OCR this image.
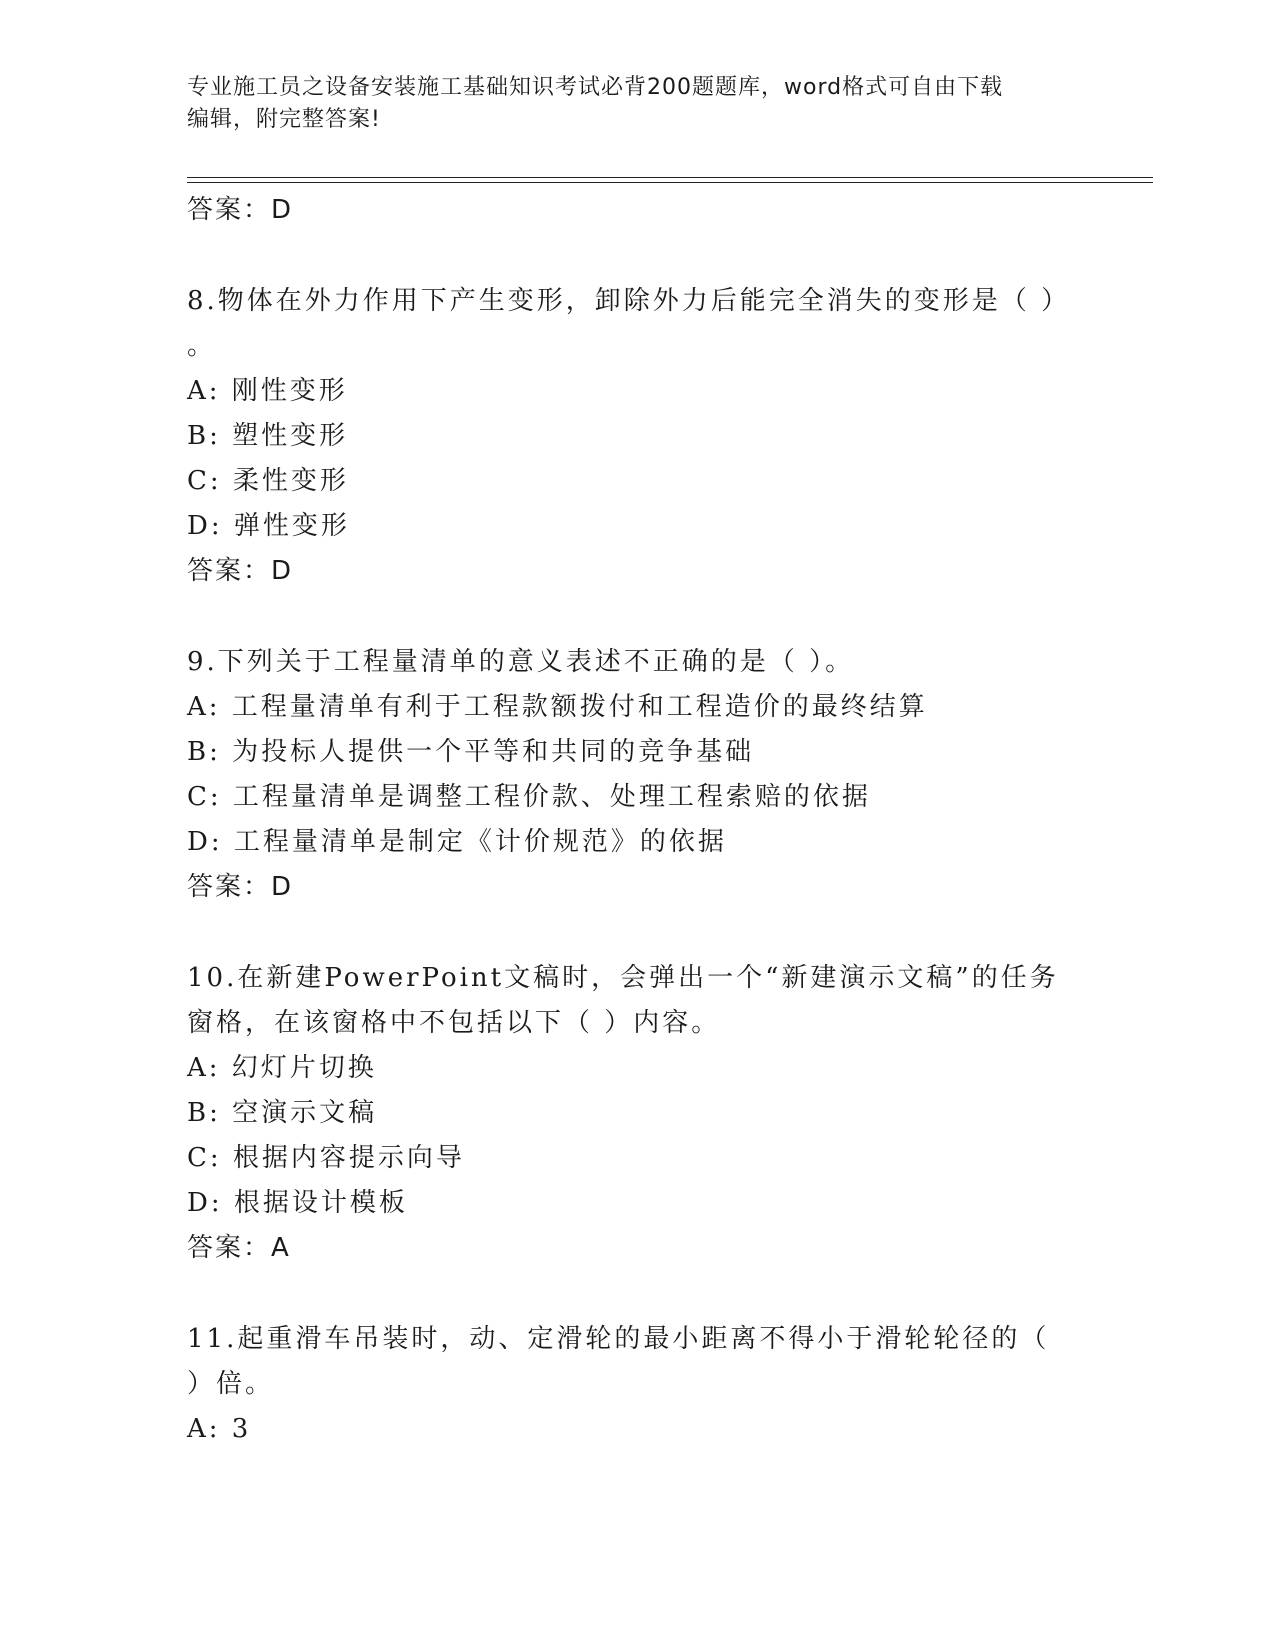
专业施工员之设备安装施工基础知识考试必背200题题库，word格式可自由下载
编辑，附完整答案!
答案：D
8.物体在外力作用下产生变形，卸除外力后能完全消失的变形是（ ）
。
A: 刚性变形
B: 塑性变形
C: 柔性变形
D: 弹性变形
答案：D
9.下列关于工程量清单的意义表述不正确的是（ ）。
A: 工程量清单有利于工程款额拨付和工程造价的最终结算
B: 为投标人提供一个平等和共同的竞争基础
C: 工程量清单是调整工程价款、处理工程索赔的依据
D: 工程量清单是制定《计价规范》的依据
答案：D
10.在新建PowerPoint文稿时，会弹出一个“新建演示文稿”的任务
窗格，在该窗格中不包括以下（ ）内容。
A: 幻灯片切换
B: 空演示文稿
C: 根据内容提示向导
D: 根据设计模板
答案：A
11.起重滑车吊装时，动、定滑轮的最小距离不得小于滑轮轮径的（
）倍。
A: 3
